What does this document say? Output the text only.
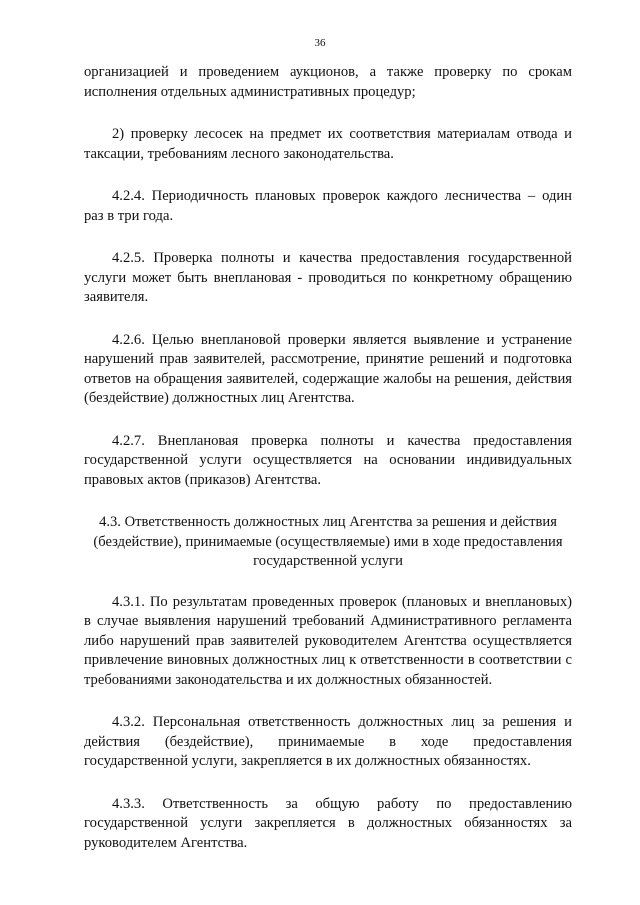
36

организацией и проведением аукционов, а также проверку по срокам исполнения отдельных административных процедур;

2) проверку лесосек на предмет их соответствия материалам отвода и таксации, требованиям лесного законодательства.

4.2.4. Периодичность плановых проверок каждого лесничества – один раз в три года.

4.2.5. Проверка полноты и качества предоставления государственной услуги может быть внеплановая - проводиться по конкретному обращению заявителя.

4.2.6. Целью внеплановой проверки является выявление и устранение нарушений прав заявителей, рассмотрение, принятие решений и подготовка ответов на обращения заявителей, содержащие жалобы на решения, действия (бездействие) должностных лиц Агентства.

4.2.7. Внеплановая проверка полноты и качества предоставления государственной услуги осуществляется на основании индивидуальных правовых актов (приказов) Агентства.

4.3. Ответственность должностных лиц Агентства за решения и действия (бездействие), принимаемые (осуществляемые) ими в ходе предоставления государственной услуги

4.3.1. По результатам проведенных проверок (плановых и внеплановых) в случае выявления нарушений требований Административного регламента либо нарушений прав заявителей руководителем Агентства осуществляется привлечение виновных должностных лиц к ответственности в соответствии с требованиями законодательства и их должностных обязанностей.

4.3.2. Персональная ответственность должностных лиц за решения и действия (бездействие), принимаемые в ходе предоставления государственной услуги, закрепляется в их должностных обязанностях.

4.3.3. Ответственность за общую работу по предоставлению государственной услуги закрепляется в должностных обязанностях за руководителем Агентства.
